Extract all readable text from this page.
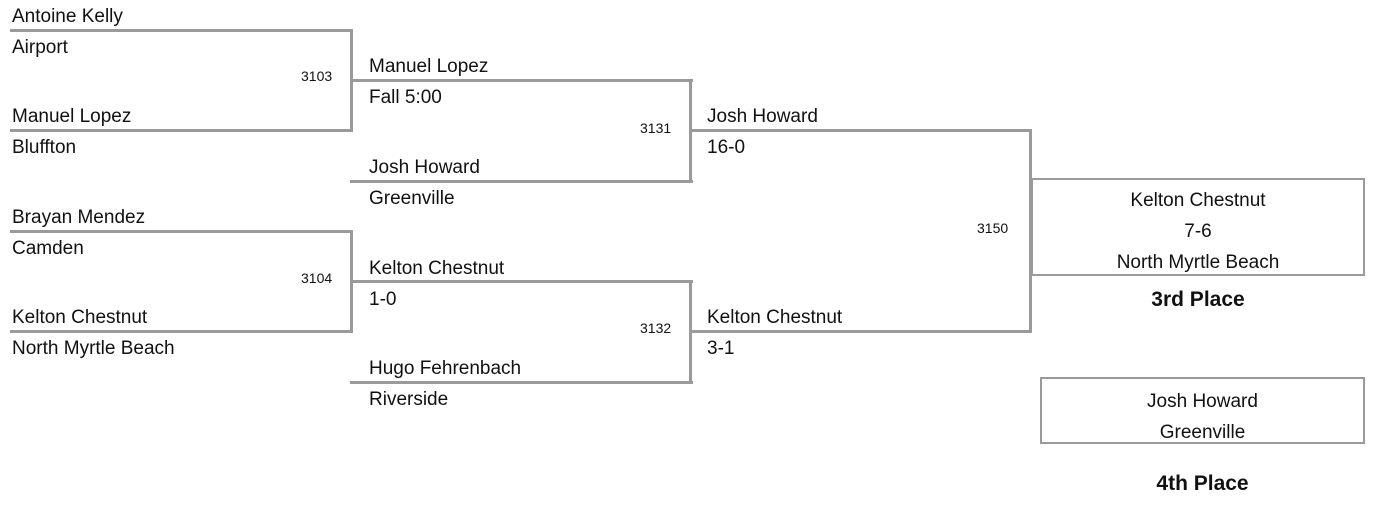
Antoine Kelly
Airport
3103
Manuel Lopez
Bluffton
Brayan Mendez
Camden
3104
Kelton Chestnut
North Myrtle Beach
Manuel Lopez
Fall 5:00
3131
Josh Howard
Greenville
Kelton Chestnut
1-0
3132
Hugo Fehrenbach
Riverside
Josh Howard
16-0
3150
Kelton Chestnut
3-1
Kelton Chestnut
7-6
North Myrtle Beach
3rd Place
Josh Howard
Greenville
4th Place
